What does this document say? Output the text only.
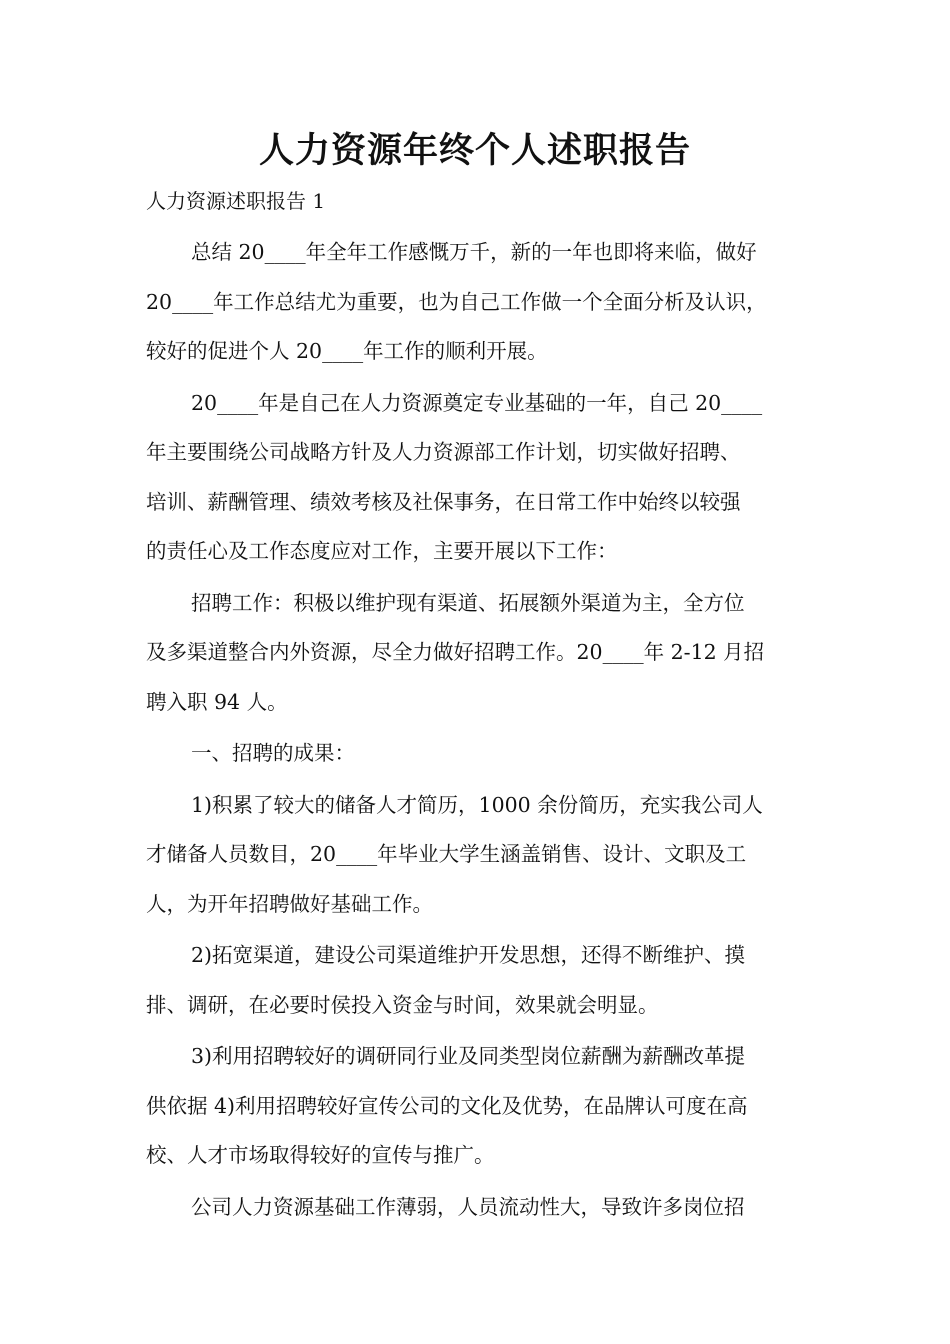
人力资源年终个人述职报告

人力资源述职报告 1

总结 20____年全年工作感慨万千，新的一年也即将来临，做好
20____年工作总结尤为重要，也为自己工作做一个全面分析及认识，
较好的促进个人 20____年工作的顺利开展。

20____年是自己在人力资源奠定专业基础的一年，自己 20____
年主要围绕公司战略方针及人力资源部工作计划，切实做好招聘、
培训、薪酬管理、绩效考核及社保事务，在日常工作中始终以较强
的责任心及工作态度应对工作，主要开展以下工作：

招聘工作：积极以维护现有渠道、拓展额外渠道为主，全方位
及多渠道整合内外资源，尽全力做好招聘工作。20____年 2-12 月招
聘入职 94 人。

一、招聘的成果：

1)积累了较大的储备人才简历，1000 余份简历，充实我公司人
才储备人员数目，20____年毕业大学生涵盖销售、设计、文职及工
人，为开年招聘做好基础工作。

2)拓宽渠道，建设公司渠道维护开发思想，还得不断维护、摸
排、调研，在必要时侯投入资金与时间，效果就会明显。

3)利用招聘较好的调研同行业及同类型岗位薪酬为薪酬改革提
供依据 4)利用招聘较好宣传公司的文化及优势，在品牌认可度在高
校、人才市场取得较好的宣传与推广。

公司人力资源基础工作薄弱，人员流动性大，导致许多岗位招
